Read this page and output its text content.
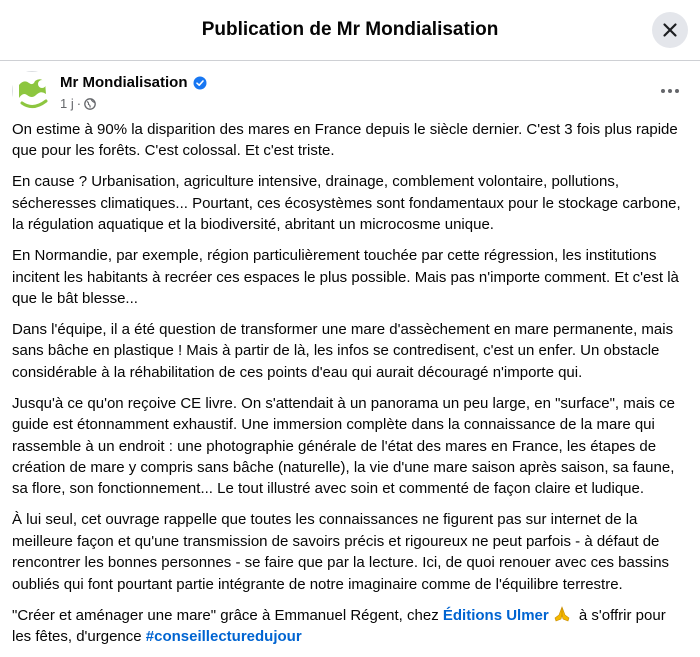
Publication de Mr Mondialisation
Mr Mondialisation
1 j ·

On estime à 90% la disparition des mares en France depuis le siècle dernier. C'est 3 fois plus rapide que pour les forêts. C'est colossal. Et c'est triste.

En cause ? Urbanisation, agriculture intensive, drainage, comblement volontaire, pollutions, sécheresses climatiques... Pourtant, ces écosystèmes sont fondamentaux pour le stockage carbone, la régulation aquatique et la biodiversité, abritant un microcosme unique.

En Normandie, par exemple, région particulièrement touchée par cette régression, les institutions incitent les habitants à recréer ces espaces le plus possible. Mais pas n'importe comment. Et c'est là que le bât blesse...

Dans l'équipe, il a été question de transformer une mare d'assèchement en mare permanente, mais sans bâche en plastique ! Mais à partir de là, les infos se contredisent, c'est un enfer. Un obstacle considérable à la réhabilitation de ces points d'eau qui aurait découragé n'importe qui.

Jusqu'à ce qu'on reçoive CE livre. On s'attendait à un panorama un peu large, en "surface", mais ce guide est étonnamment exhaustif. Une immersion complète dans la connaissance de la mare qui rassemble à un endroit : une photographie générale de l'état des mares en France, les étapes de création de mare y compris sans bâche (naturelle), la vie d'une mare saison après saison, sa faune, sa flore, son fonctionnement... Le tout illustré avec soin et commenté de façon claire et ludique.

À lui seul, cet ouvrage rappelle que toutes les connaissances ne figurent pas sur internet de la meilleure façon et qu'une transmission de savoirs précis et rigoureux ne peut parfois - à défaut de rencontrer les bonnes personnes - se faire que par la lecture. Ici, de quoi renouer avec ces bassins oubliés qui font pourtant partie intégrante de notre imaginaire comme de l'équilibre terrestre.

"Créer et aménager une mare" grâce à Emmanuel Régent, chez Éditions Ulmer à s'offrir pour les fêtes, d'urgence #conseillecturedujour
